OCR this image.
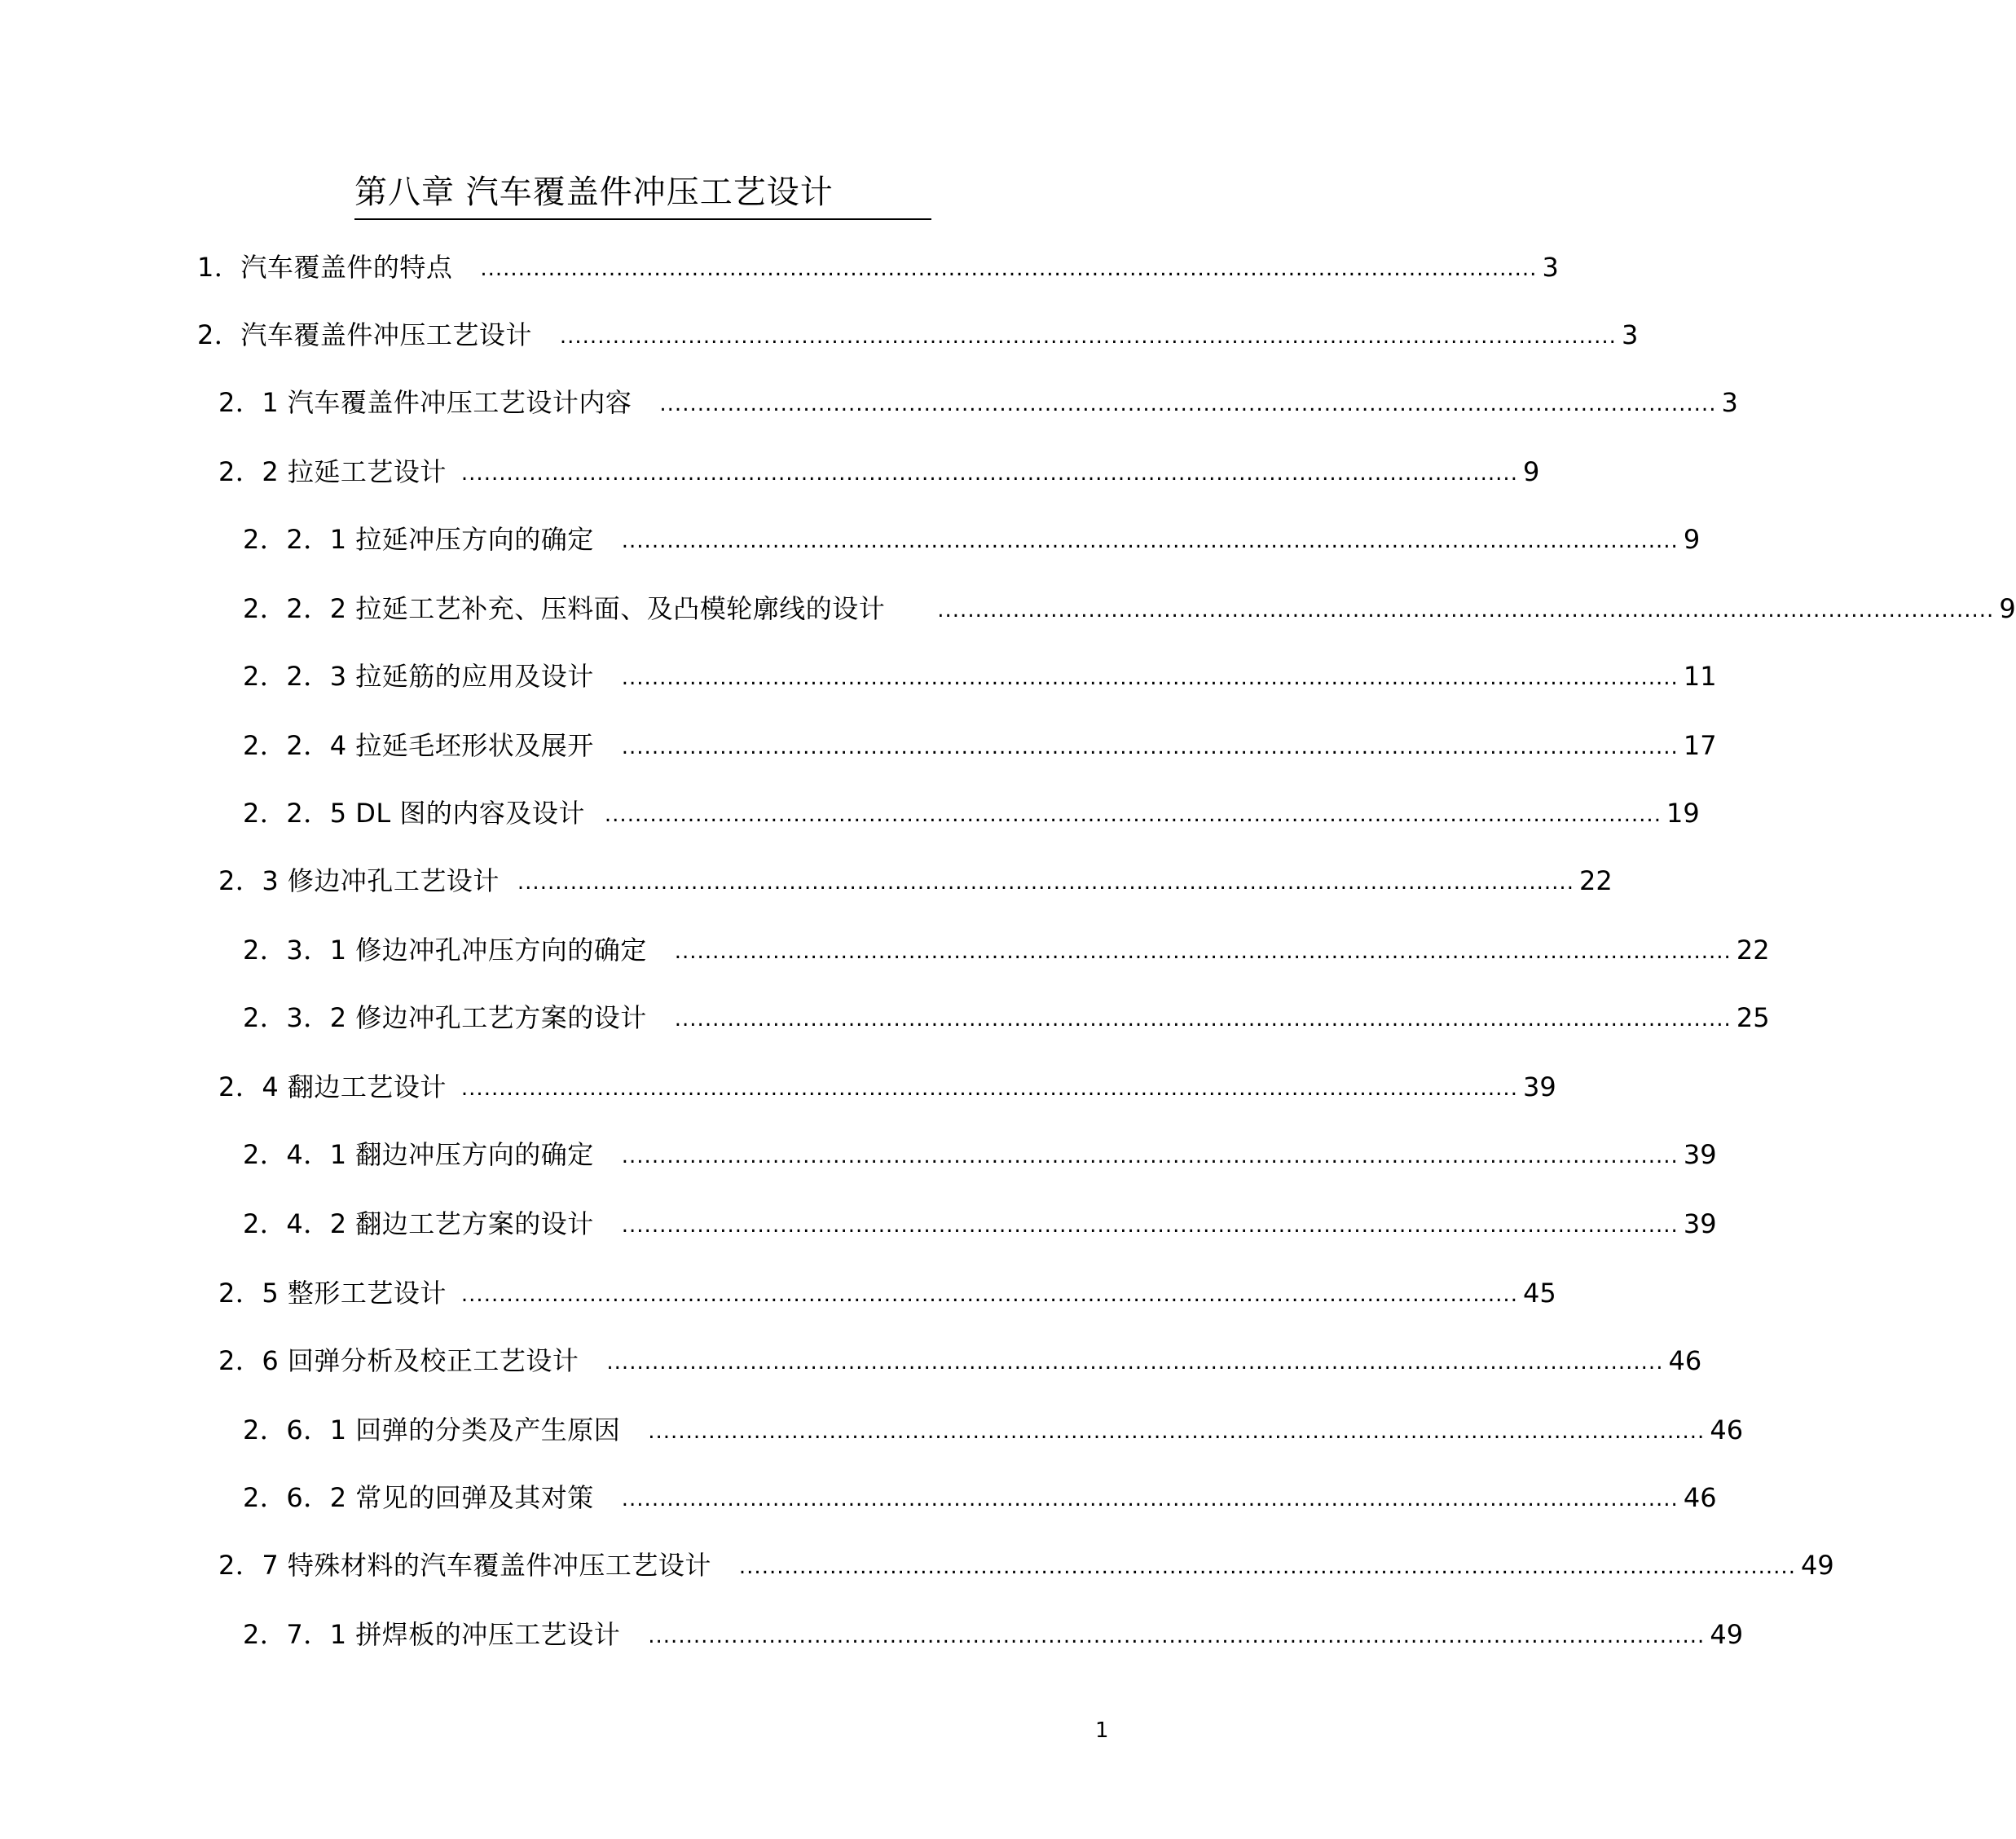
第八章 汽车覆盖件冲压工艺设计
1．汽车覆盖件的特点 ............................................................................................................................................ 3
2．汽车覆盖件冲压工艺设计 ............................................................................................................................................ 3
2．1 汽车覆盖件冲压工艺设计内容 ............................................................................................................................................ 3
2．2 拉延工艺设计 ............................................................................................................................................ 9
2．2．1 拉延冲压方向的确定 ............................................................................................................................................ 9
2．2．2 拉延工艺补充、压料面、及凸模轮廓线的设计 ............................................................................................................................................ 9
2．2．3 拉延筋的应用及设计 ............................................................................................................................................ 11
2．2．4 拉延毛坯形状及展开 ............................................................................................................................................ 17
2．2．5 DL 图的内容及设计 ............................................................................................................................................ 19
2．3 修边冲孔工艺设计 ............................................................................................................................................ 22
2．3．1 修边冲孔冲压方向的确定 ............................................................................................................................................ 22
2．3．2 修边冲孔工艺方案的设计 ............................................................................................................................................ 25
2．4 翻边工艺设计 ............................................................................................................................................ 39
2．4．1 翻边冲压方向的确定 ............................................................................................................................................ 39
2．4．2 翻边工艺方案的设计 ............................................................................................................................................ 39
2．5 整形工艺设计 ............................................................................................................................................ 45
2．6 回弹分析及校正工艺设计 ............................................................................................................................................ 46
2．6．1 回弹的分类及产生原因 ............................................................................................................................................ 46
2．6．2 常见的回弹及其对策 ............................................................................................................................................ 46
2．7 特殊材料的汽车覆盖件冲压工艺设计 ............................................................................................................................................ 49
2．7．1 拼焊板的冲压工艺设计 ............................................................................................................................................ 49
1
